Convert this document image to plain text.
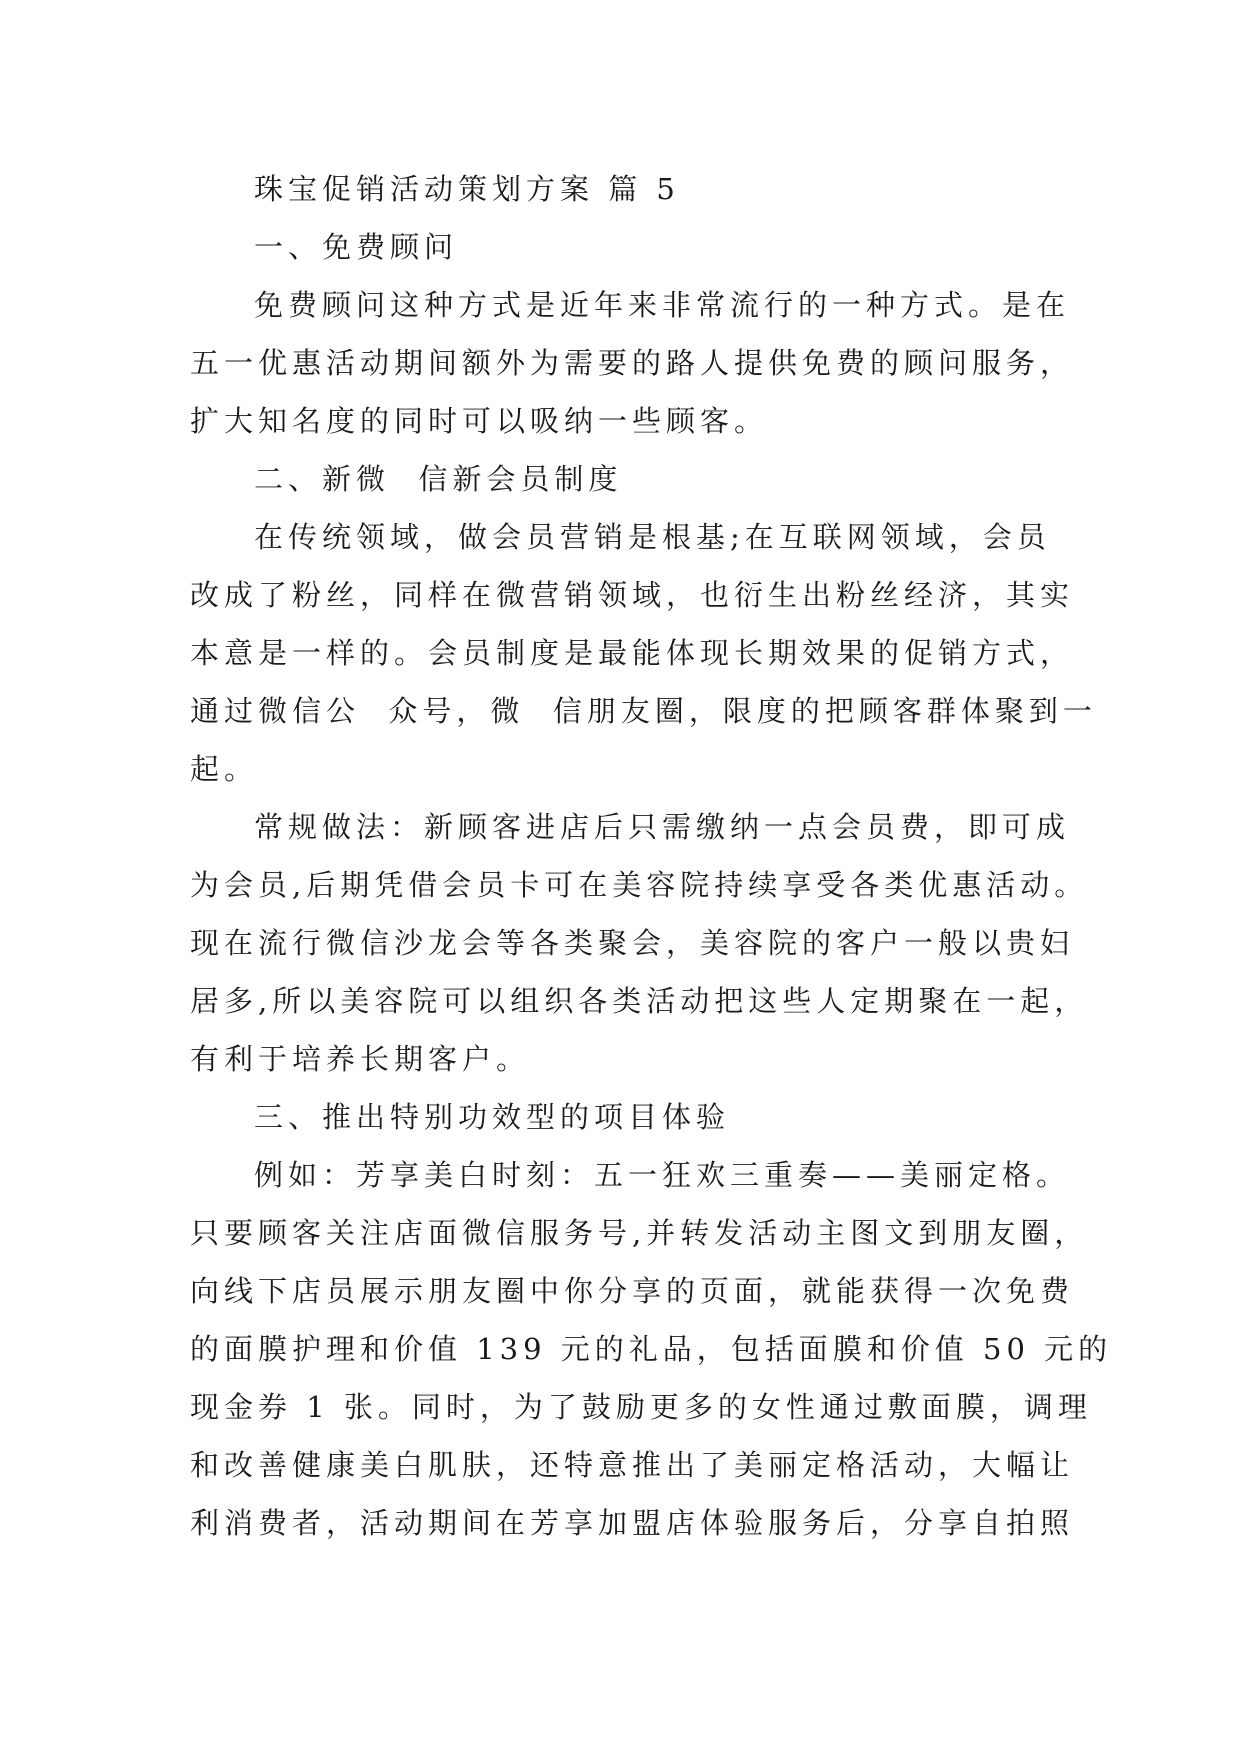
珠宝促销活动策划方案 篇 5
一、免费顾问
免费顾问这种方式是近年来非常流行的一种方式。是在
五一优惠活动期间额外为需要的路人提供免费的顾问服务，
扩大知名度的同时可以吸纳一些顾客。
二、新微  信新会员制度
在传统领域，做会员营销是根基;在互联网领域，会员
改成了粉丝，同样在微营销领域，也衍生出粉丝经济，其实
本意是一样的。会员制度是最能体现长期效果的促销方式，
通过微信公  众号，微  信朋友圈，限度的把顾客群体聚到一
起。
常规做法：新顾客进店后只需缴纳一点会员费，即可成
为会员,后期凭借会员卡可在美容院持续享受各类优惠活动。
现在流行微信沙龙会等各类聚会，美容院的客户一般以贵妇
居多,所以美容院可以组织各类活动把这些人定期聚在一起，
有利于培养长期客户。
三、推出特别功效型的项目体验
例如：芳享美白时刻：五一狂欢三重奏——美丽定格。
只要顾客关注店面微信服务号,并转发活动主图文到朋友圈，
向线下店员展示朋友圈中你分享的页面，就能获得一次免费
的面膜护理和价值 139 元的礼品，包括面膜和价值 50 元的
现金券 1 张。同时，为了鼓励更多的女性通过敷面膜，调理
和改善健康美白肌肤，还特意推出了美丽定格活动，大幅让
利消费者，活动期间在芳享加盟店体验服务后，分享自拍照
